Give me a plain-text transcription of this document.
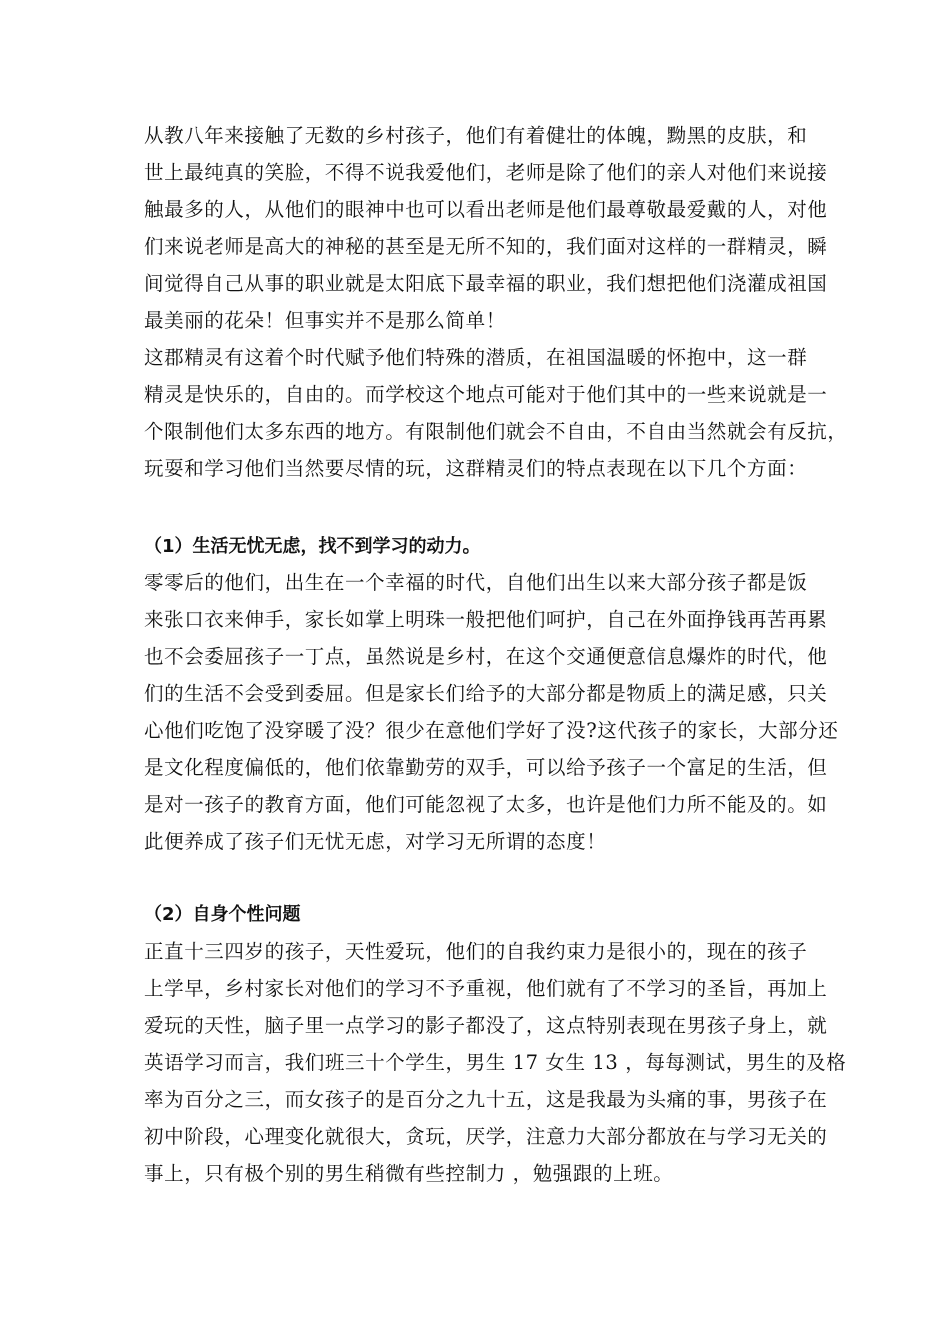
从教八年来接触了无数的乡村孩子，他们有着健壮的体魄，黝黑的皮肤，和
世上最纯真的笑脸，不得不说我爱他们，老师是除了他们的亲人对他们来说接
触最多的人，从他们的眼神中也可以看出老师是他们最尊敬最爱戴的人，对他
们来说老师是高大的神秘的甚至是无所不知的，我们面对这样的一群精灵，瞬
间觉得自己从事的职业就是太阳底下最幸福的职业，我们想把他们浇灌成祖国
最美丽的花朵！但事实并不是那么简单！
这郡精灵有这着个时代赋予他们特殊的潜质，在祖国温暖的怀抱中，这一群
精灵是快乐的，自由的。而学校这个地点可能对于他们其中的一些来说就是一
个限制他们太多东西的地方。有限制他们就会不自由，不自由当然就会有反抗，
玩耍和学习他们当然要尽情的玩，这群精灵们的特点表现在以下几个方面：
（1）生活无忧无虑，找不到学习的动力。
零零后的他们，出生在一个幸福的时代，自他们出生以来大部分孩子都是饭
来张口衣来伸手，家长如掌上明珠一般把他们呵护，自己在外面挣钱再苦再累
也不会委屈孩子一丁点，虽然说是乡村，在这个交通便意信息爆炸的时代，他
们的生活不会受到委屈。但是家长们给予的大部分都是物质上的满足感，只关
心他们吃饱了没穿暖了没？很少在意他们学好了没?这代孩子的家长，大部分还
是文化程度偏低的，他们依靠勤劳的双手，可以给予孩子一个富足的生活，但
是对一孩子的教育方面，他们可能忽视了太多，也许是他们力所不能及的。如
此便养成了孩子们无忧无虑，对学习无所谓的态度！
（2）自身个性问题
正直十三四岁的孩子，天性爱玩，他们的自我约束力是很小的，现在的孩子
上学早，乡村家长对他们的学习不予重视，他们就有了不学习的圣旨，再加上
爱玩的天性，脑子里一点学习的影子都没了，这点特别表现在男孩子身上，就
英语学习而言，我们班三十个学生，男生 17 女生 13 ，每每测试，男生的及格
率为百分之三，而女孩子的是百分之九十五，这是我最为头痛的事，男孩子在
初中阶段，心理变化就很大，贪玩，厌学，注意力大部分都放在与学习无关的
事上，只有极个别的男生稍微有些控制力 ，勉强跟的上班。
